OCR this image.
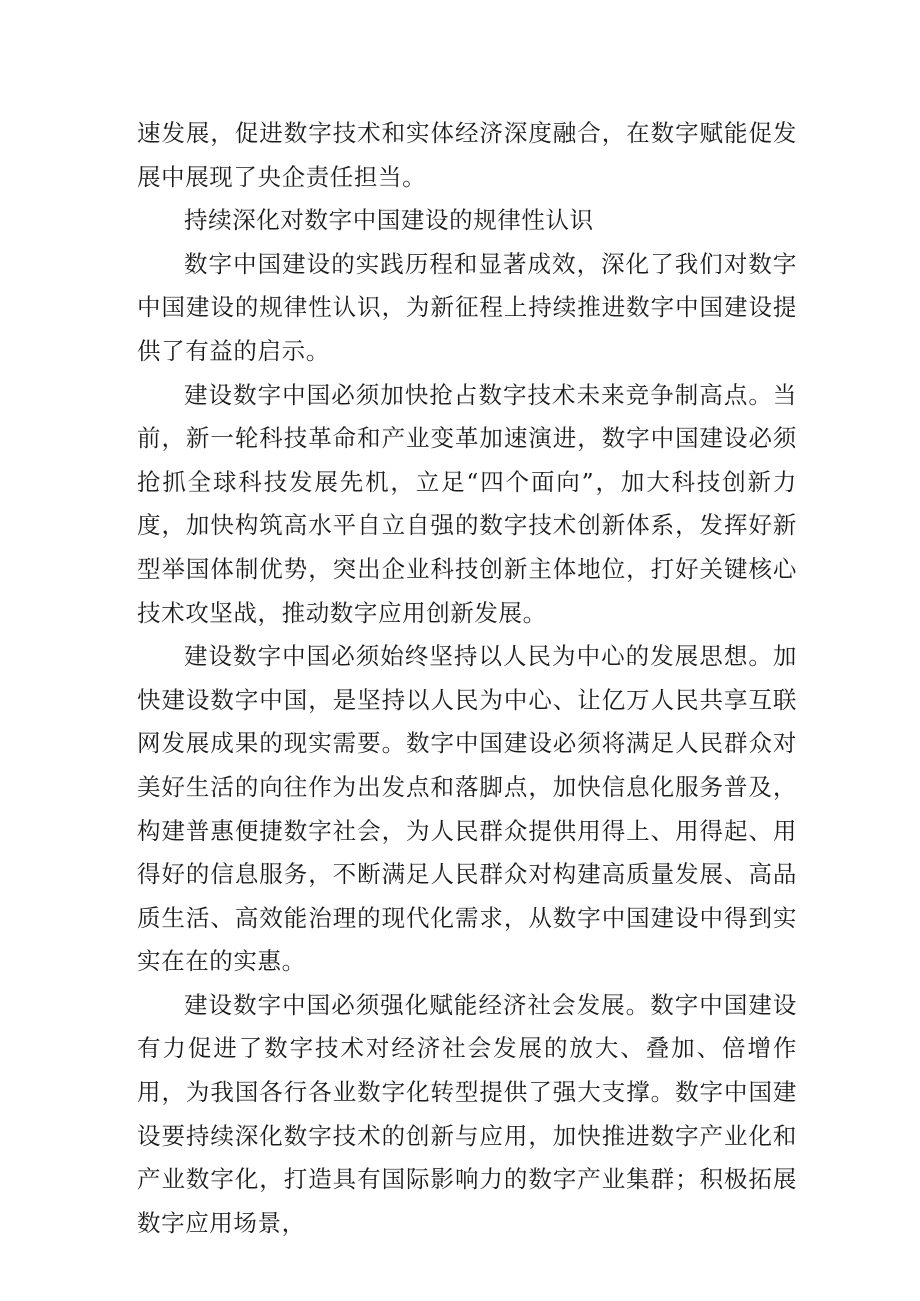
速发展，促进数字技术和实体经济深度融合，在数字赋能促发展中展现了央企责任担当。

持续深化对数字中国建设的规律性认识

数字中国建设的实践历程和显著成效，深化了我们对数字中国建设的规律性认识，为新征程上持续推进数字中国建设提供了有益的启示。

建设数字中国必须加快抢占数字技术未来竞争制高点。当前，新一轮科技革命和产业变革加速演进，数字中国建设必须抢抓全球科技发展先机，立足“四个面向”，加大科技创新力度，加快构筑高水平自立自强的数字技术创新体系，发挥好新型举国体制优势，突出企业科技创新主体地位，打好关键核心技术攻坚战，推动数字应用创新发展。

建设数字中国必须始终坚持以人民为中心的发展思想。加快建设数字中国，是坚持以人民为中心、让亿万人民共享互联网发展成果的现实需要。数字中国建设必须将满足人民群众对美好生活的向往作为出发点和落脚点，加快信息化服务普及，构建普惠便捷数字社会，为人民群众提供用得上、用得起、用得好的信息服务，不断满足人民群众对构建高质量发展、高品质生活、高效能治理的现代化需求，从数字中国建设中得到实实在在的实惠。

建设数字中国必须强化赋能经济社会发展。数字中国建设有力促进了数字技术对经济社会发展的放大、叠加、倍增作用，为我国各行各业数字化转型提供了强大支撑。数字中国建设要持续深化数字技术的创新与应用，加快推进数字产业化和产业数字化，打造具有国际影响力的数字产业集群；积极拓展数字应用场景，
